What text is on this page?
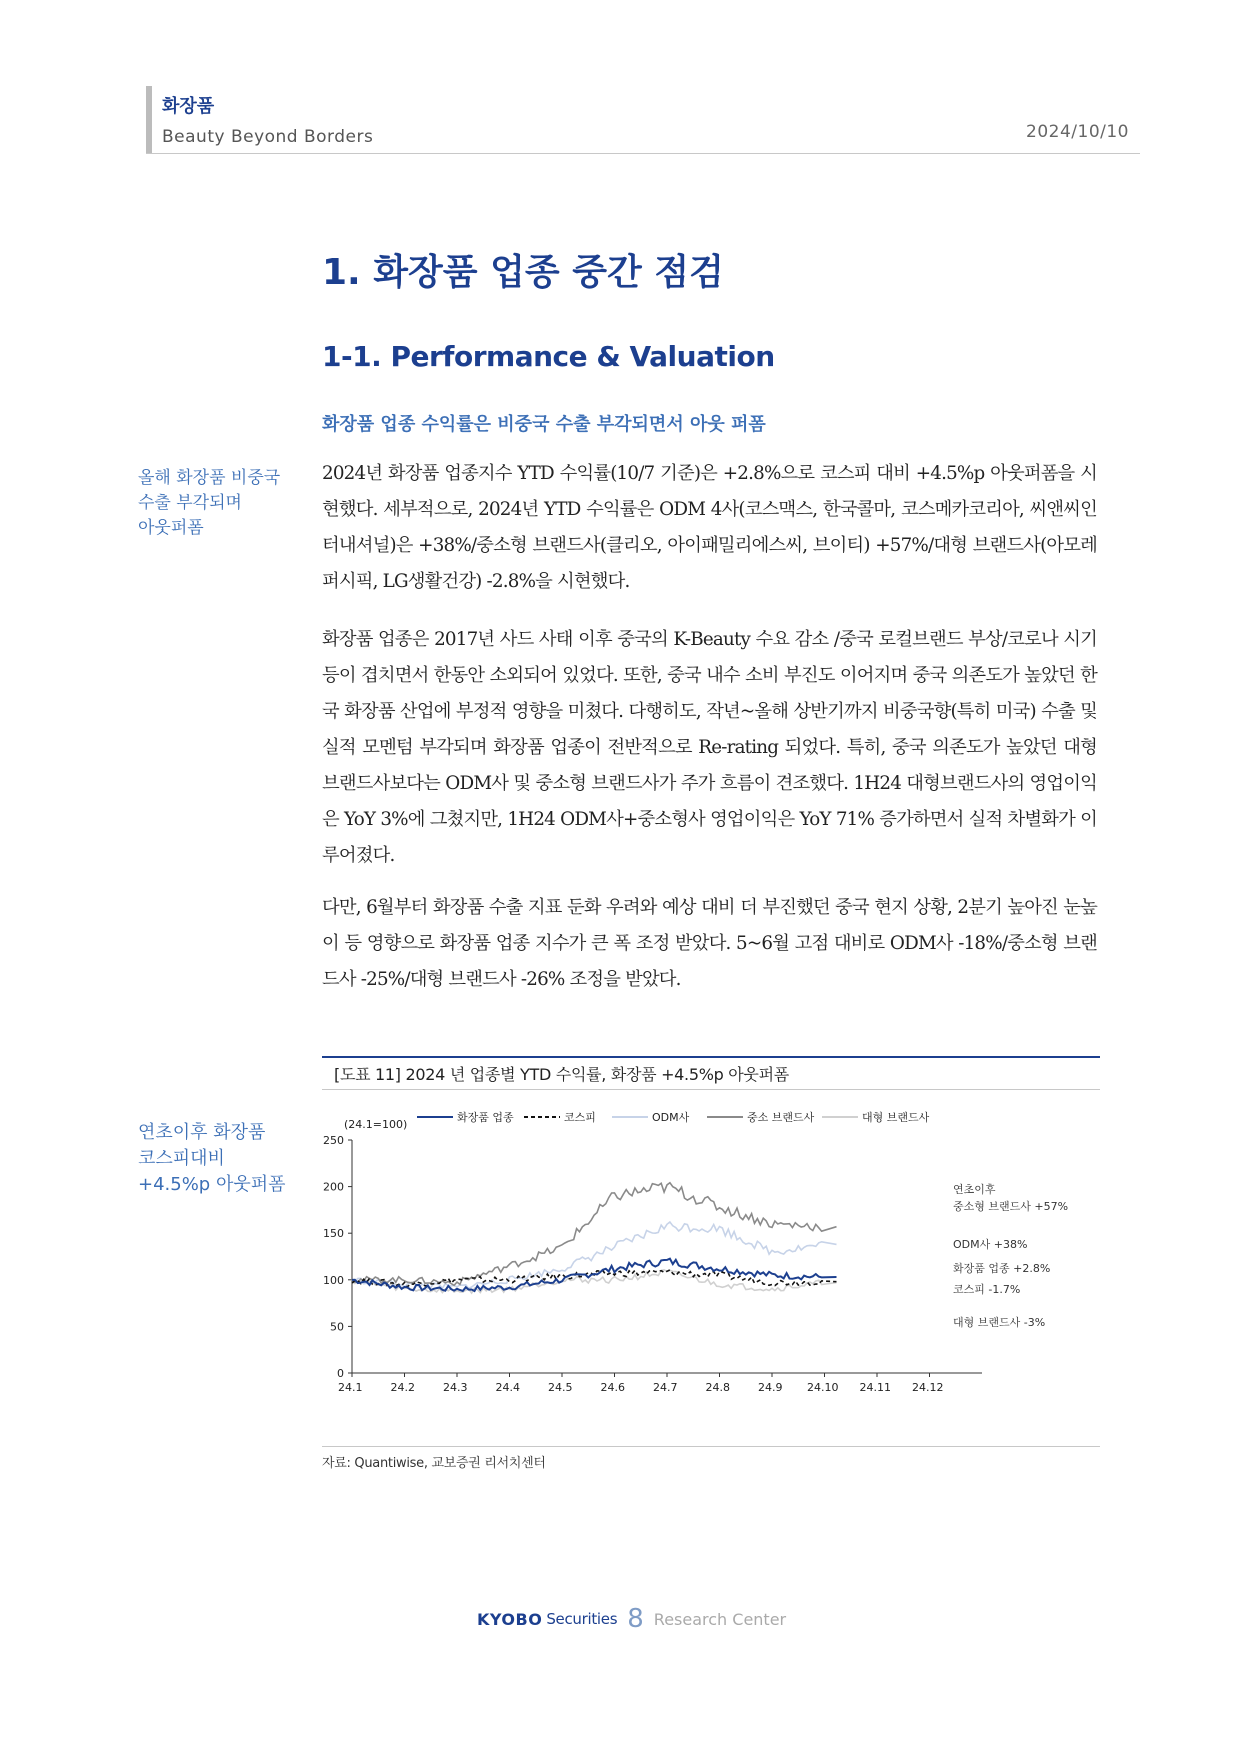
화장품
Beauty Beyond Borders	2024/10/10
1. 화장품 업종 중간 점검
1-1. Performance & Valuation
화장품 업종 수익률은 비중국 수출 부각되면서 아웃 퍼폼
올해 화장품 비중국
수출 부각되며
아웃퍼폼
연초이후 화장품
코스피대비
+4.5%p 아웃퍼폼
2024년 화장품 업종지수 YTD 수익률(10/7 기준)은 +2.8%으로 코스피 대비 +4.5%p 아웃퍼폼을 시현했다. 세부적으로, 2024년 YTD 수익률은 ODM 4사(코스맥스, 한국콜마, 코스메카코리아, 씨앤씨인터내셔널)은 +38%/중소형 브랜드사(클리오, 아이패밀리에스씨, 브이티) +57%/대형 브랜드사(아모레퍼시픽, LG생활건강) -2.8%을 시현했다.
화장품 업종은 2017년 사드 사태 이후 중국의 K-Beauty 수요 감소 /중국 로컬브랜드 부상/코로나 시기 등이 겹치면서 한동안 소외되어 있었다. 또한, 중국 내수 소비 부진도 이어지며 중국 의존도가 높았던 한국 화장품 산업에 부정적 영향을 미쳤다. 다행히도, 작년~올해 상반기까지 비중국향(특히 미국) 수출 및 실적 모멘텀 부각되며 화장품 업종이 전반적으로 Re-rating 되었다. 특히, 중국 의존도가 높았던 대형 브랜드사보다는 ODM사 및 중소형 브랜드사가 주가 흐름이 견조했다. 1H24 대형브랜드사의 영업이익은 YoY 3%에 그쳤지만, 1H24 ODM사+중소형사 영업이익은 YoY 71% 증가하면서 실적 차별화가 이루어졌다.
다만, 6월부터 화장품 수출 지표 둔화 우려와 예상 대비 더 부진했던 중국 현지 상황, 2분기 높아진 눈높이 등 영향으로 화장품 업종 지수가 큰 폭 조정 받았다. 5~6월 고점 대비로 ODM사 -18%/중소형 브랜드사 -25%/대형 브랜드사 -26% 조정을 받았다.
[도표 11] 2024 년 업종별 YTD 수익률, 화장품 +4.5%p 아웃퍼폼
화장품 업종	코스피	ODM사	중소 브랜드사	대형 브랜드사
(24.1=100)
0
50
100
150
200
250
24.1	24.2	24.3	24.4	24.5	24.6	24.7	24.8	24.9 24.10 24.11 24.12
연초이후
중소형 브랜드사 +57%
ODM사 +38%
화장품 업종 +2.8%
코스피 -1.7%
대형 브랜드사 -3%
자료: Quantiwise, 교보증권 리서치센터
KYOBO Securities 8 Research Center
